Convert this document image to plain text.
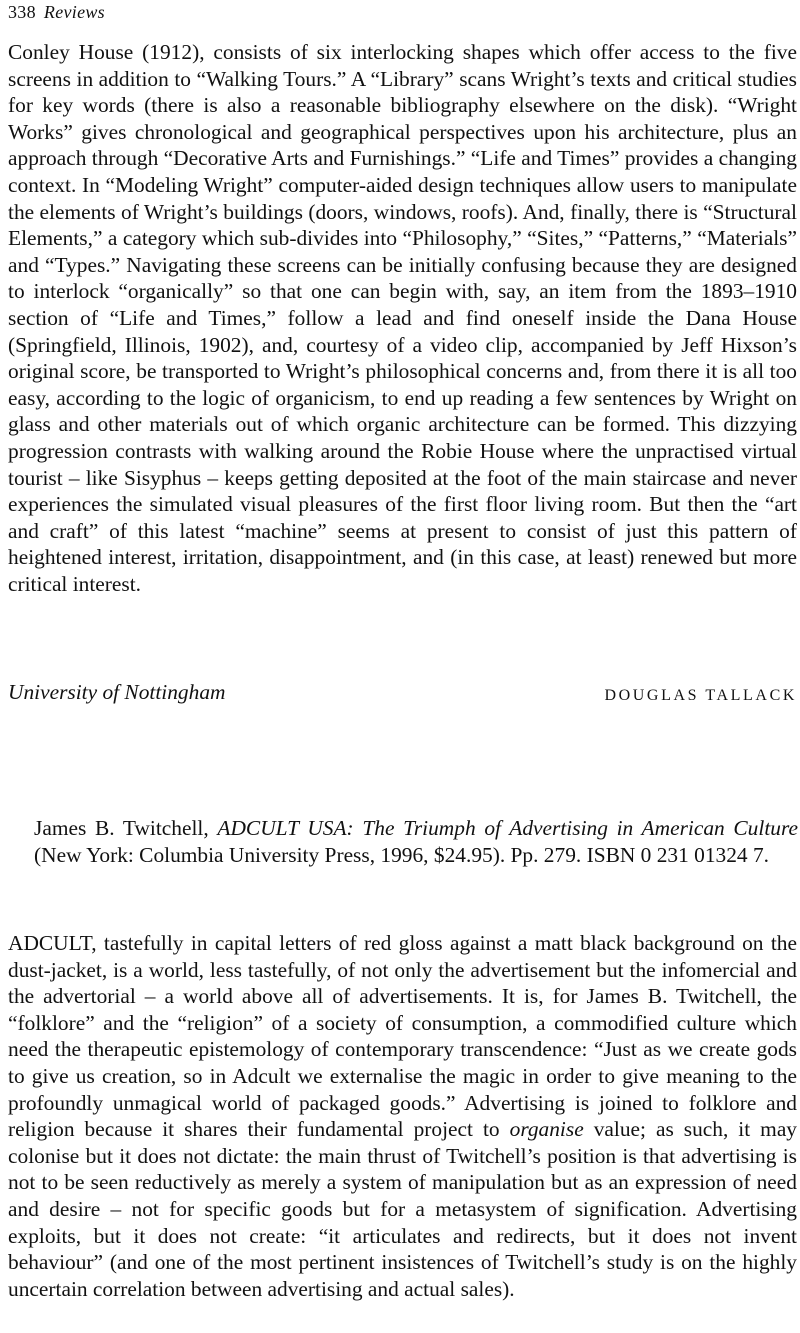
338 Reviews

Conley House (1912), consists of six interlocking shapes which offer access to the five screens in addition to “Walking Tours.” A “Library” scans Wright’s texts and critical studies for key words (there is also a reasonable bibliography elsewhere on the disk). “Wright Works” gives chronological and geographical perspectives upon his architecture, plus an approach through “Decorative Arts and Furnishings.” “Life and Times” provides a changing context. In “Modeling Wright” computer-aided design techniques allow users to manipulate the elements of Wright’s buildings (doors, windows, roofs). And, finally, there is “Structural Elements,” a category which sub-divides into “Philosophy,” “Sites,” “Patterns,” “Materials” and “Types.” Navigating these screens can be initially confusing because they are designed to interlock “organically” so that one can begin with, say, an item from the 1893–1910 section of “Life and Times,” follow a lead and find oneself inside the Dana House (Springfield, Illinois, 1902), and, courtesy of a video clip, accompanied by Jeff Hixson’s original score, be transported to Wright’s philosophical concerns and, from there it is all too easy, according to the logic of organicism, to end up reading a few sentences by Wright on glass and other materials out of which organic architecture can be formed. This dizzying progression contrasts with walking around the Robie House where the unpractised virtual tourist – like Sisyphus – keeps getting deposited at the foot of the main staircase and never experiences the simulated visual pleasures of the first floor living room. But then the “art and craft” of this latest “machine” seems at present to consist of just this pattern of heightened interest, irritation, disappointment, and (in this case, at least) renewed but more critical interest.

University of Nottingham	DOUGLAS TALLACK

James B. Twitchell, ADCULT USA: The Triumph of Advertising in American Culture (New York: Columbia University Press, 1996, $24.95). Pp. 279. ISBN 0 231 01324 7.

ADCULT, tastefully in capital letters of red gloss against a matt black background on the dust-jacket, is a world, less tastefully, of not only the advertisement but the infomercial and the advertorial – a world above all of advertisements. It is, for James B. Twitchell, the “folklore” and the “religion” of a society of consumption, a commodified culture which need the therapeutic epistemology of contemporary transcendence: “Just as we create gods to give us creation, so in Adcult we externalise the magic in order to give meaning to the profoundly unmagical world of packaged goods.” Advertising is joined to folklore and religion because it shares their fundamental project to organise value; as such, it may colonise but it does not dictate: the main thrust of Twitchell’s position is that advertising is not to be seen reductively as merely a system of manipulation but as an expression of need and desire – not for specific goods but for a metasystem of signification. Advertising exploits, but it does not create: “it articulates and redirects, but it does not invent behaviour” (and one of the most pertinent insistences of Twitchell’s study is on the highly uncertain correlation between advertising and actual sales).
